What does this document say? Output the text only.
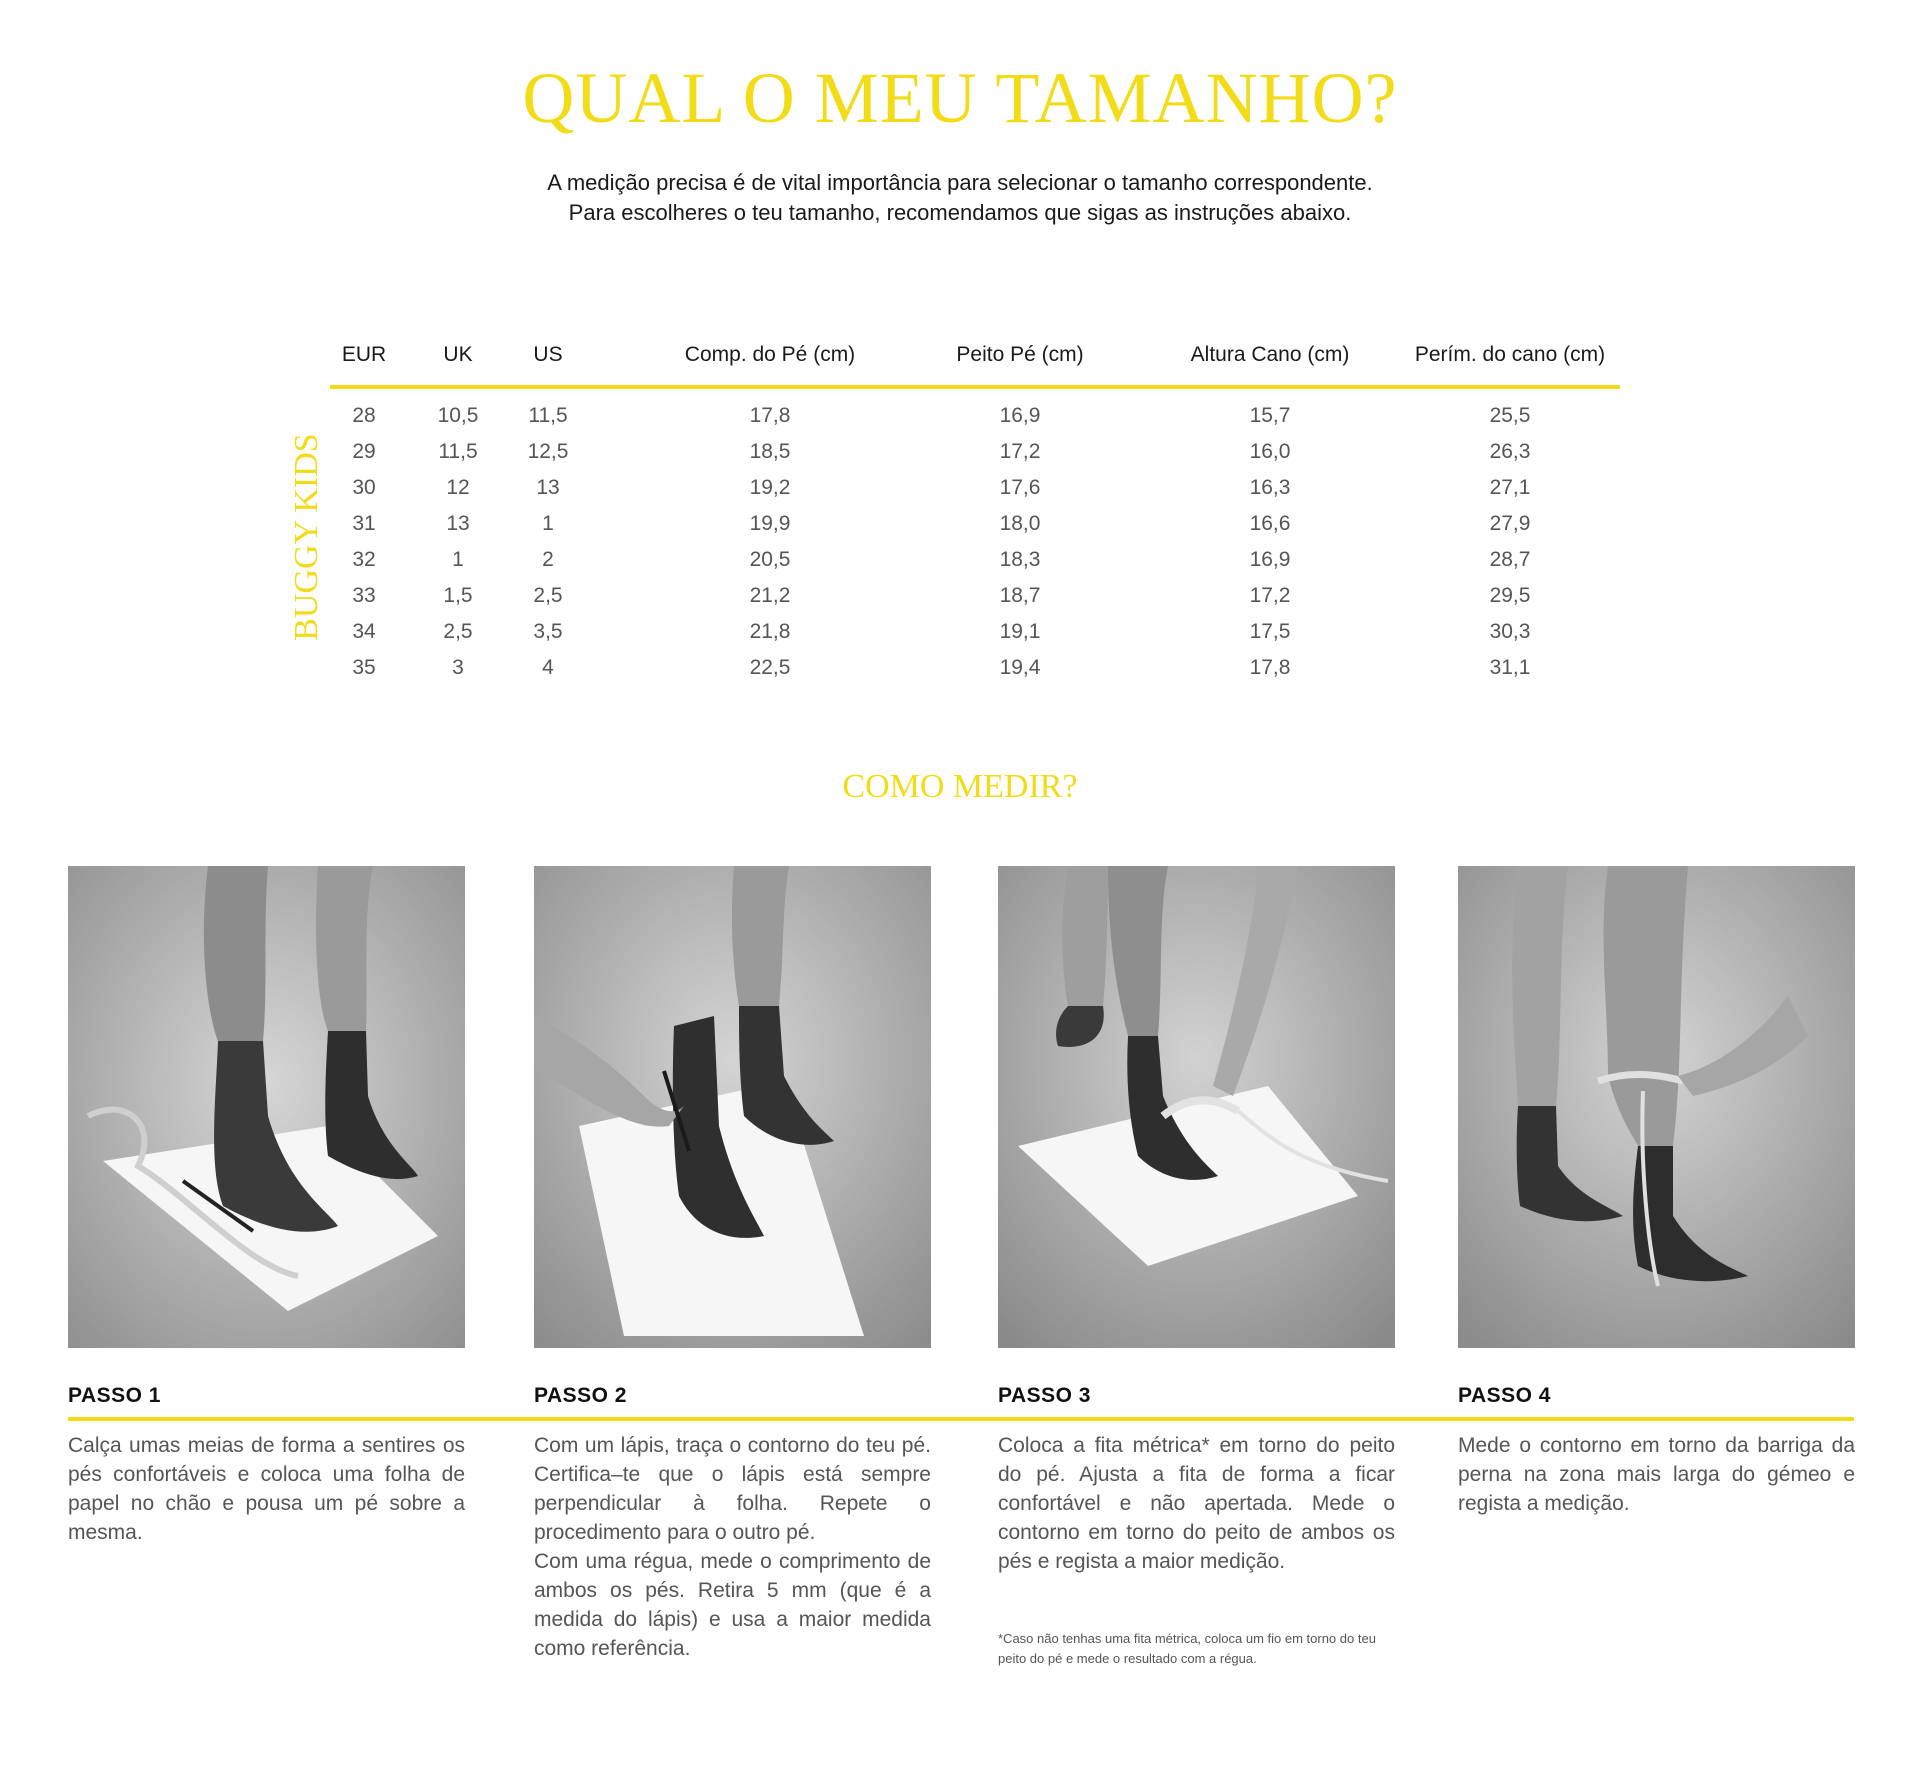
QUAL O MEU TAMANHO?
A medição precisa é de vital importância para selecionar o tamanho correspondente.
Para escolheres o teu tamanho, recomendamos que sigas as instruções abaixo.
BUGGY KIDS
EUR	UK	US	Comp. do Pé (cm)	Peito Pé (cm)	Altura Cano (cm)	Perím. do cano (cm)
28	10,5	11,5	17,8	16,9	15,7	25,5
29	11,5	12,5	18,5	17,2	16,0	26,3
30	12	13	19,2	17,6	16,3	27,1
31	13	1	19,9	18,0	16,6	27,9
32	1	2	20,5	18,3	16,9	28,7
33	1,5	2,5	21,2	18,7	17,2	29,5
34	2,5	3,5	21,8	19,1	17,5	30,3
35	3	4	22,5	19,4	17,8	31,1
COMO MEDIR?
PASSO 1	PASSO 2	PASSO 3	PASSO 4

Calça umas meias de forma a sentires os pés confortáveis e coloca uma folha de papel no chão e pousa um pé sobre a mesma.

Com um lápis, traça o contorno do teu pé. Certifica–te que o lápis está sempre perpendicular à folha. Repete o procedimento para o outro pé.

Com uma régua, mede o comprimento de ambos os pés. Retira 5 mm (que é a medida do lápis) e usa a maior medida como referência.

Coloca a fita métrica* em torno do peito do pé. Ajusta a fita de forma a ficar confortável e não apertada. Mede o contorno em torno do peito de ambos os pés e regista a maior medição.

*Caso não tenhas uma fita métrica, coloca um fio em torno do teu peito do pé e mede o resultado com a régua.

Mede o contorno em torno da barriga da perna na zona mais larga do gémeo e regista a medição.
